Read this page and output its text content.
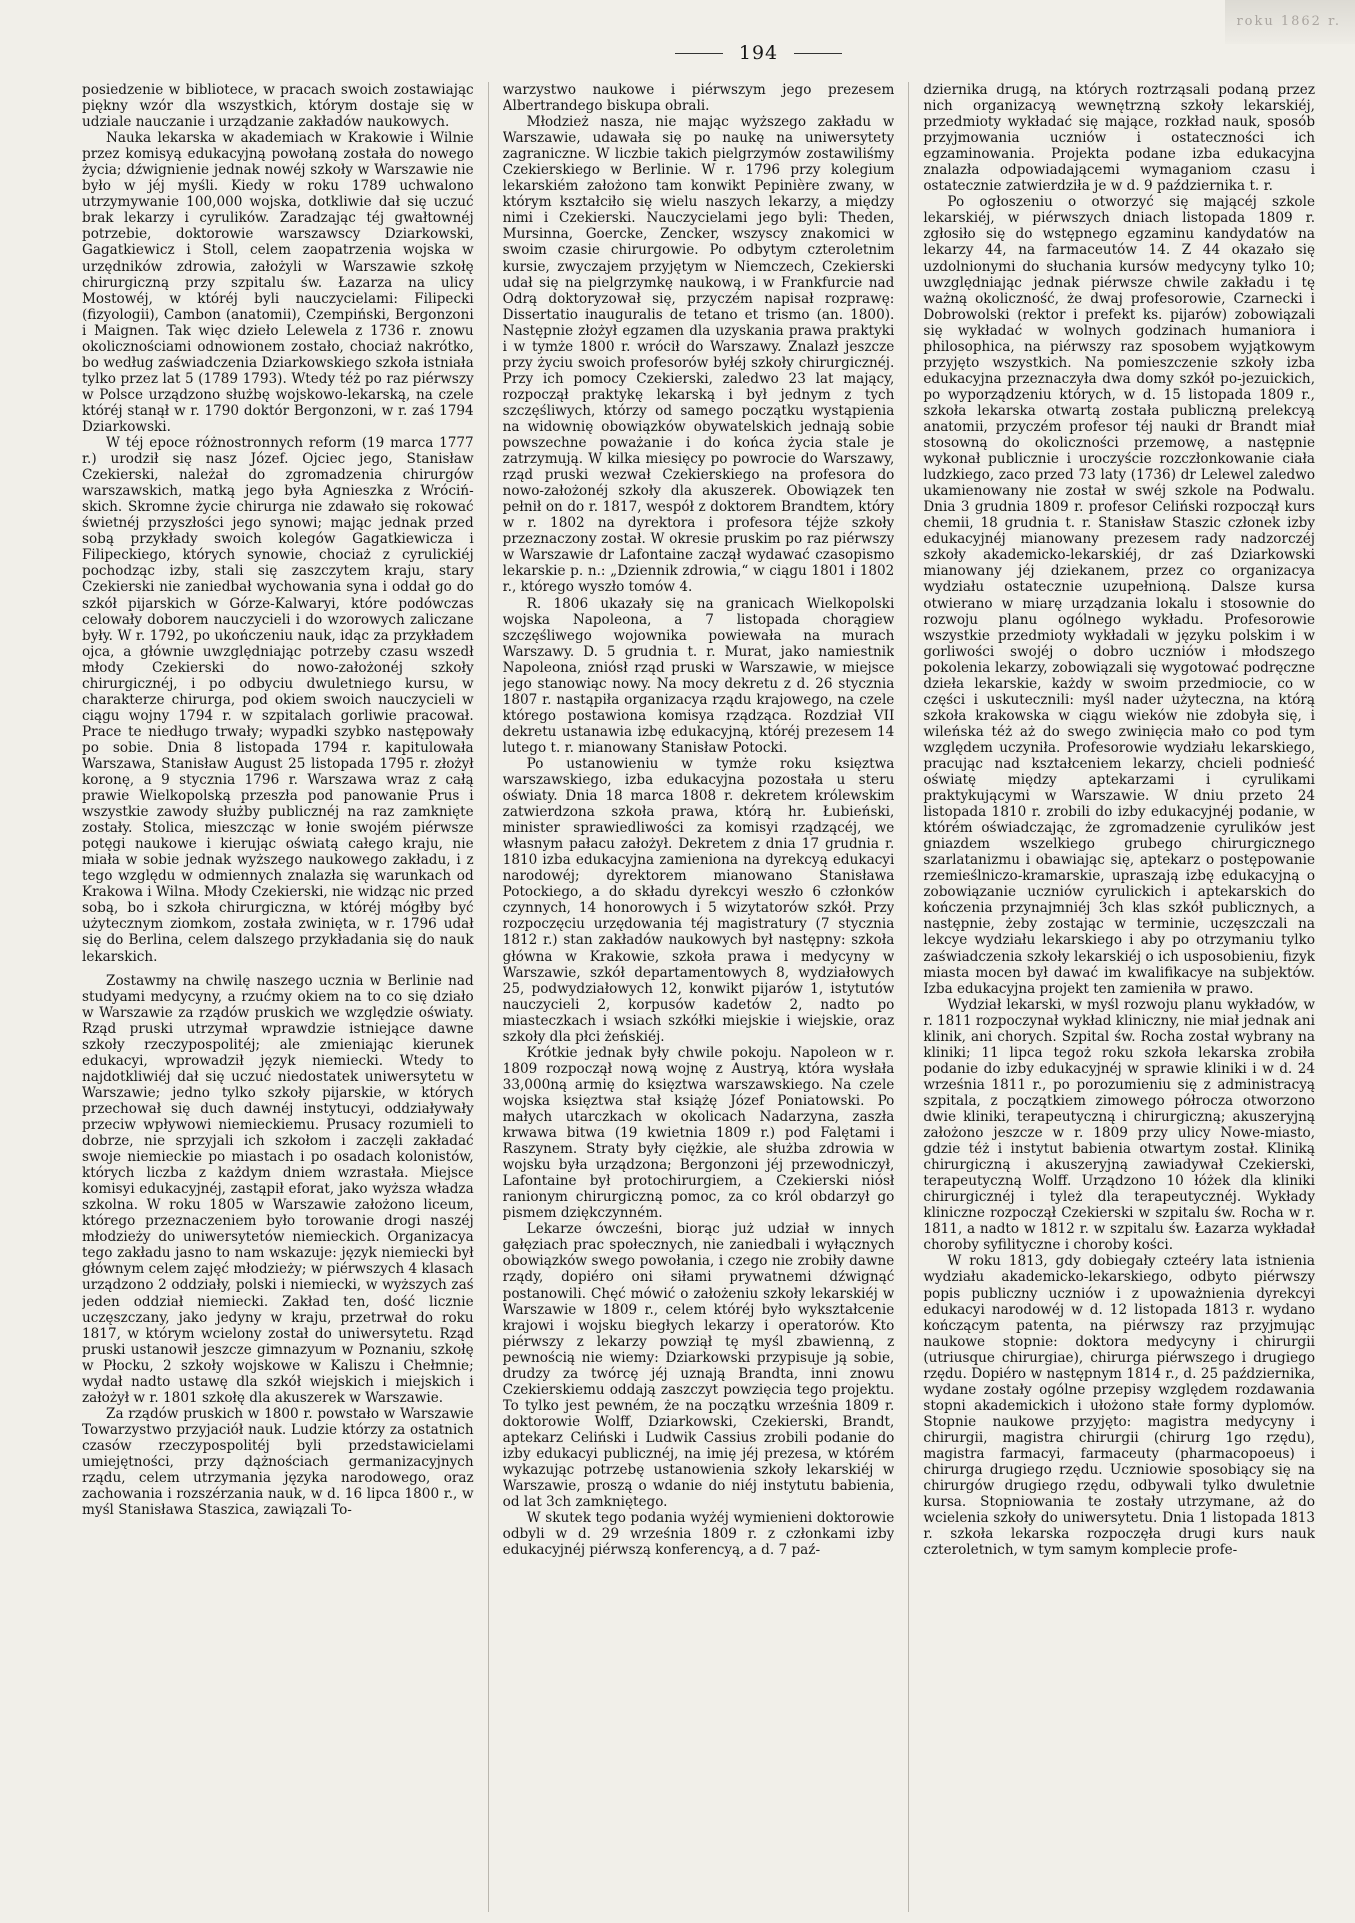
roku 1862 r.
194

posiedzenie w bibliotece, w pracach swoich zostawiając piękny wzór dla wszystkich, którym dostaje się w udziale nauczanie i urządzanie zakładów naukowych.

Nauka lekarska w akademiach w Krakowie i Wilnie przez komisyą edukacyjną powołaną została do nowego życia; dźwignienie jednak nowéj szkoły w Warszawie nie było w jéj myśli. Kiedy w roku 1789 uchwalono utrzymywanie 100,000 wojska, dotkliwie dał się uczuć brak lekarzy i cyrulików. Zaradzając téj gwałtownéj potrzebie, doktorowie warszawscy Dziarkowski, Gagatkiewicz i Stoll, celem zaopatrzenia wojska w urzędników zdrowia, założyli w Warszawie szkołę chirurgiczną przy szpitalu św. Łazarza na ulicy Mostowéj, w któréj byli nauczycielami: Filipecki (fizyologii), Cambon (anatomii), Czempiński, Bergonzoni i Maignen. Tak więc dzieło Lelewela z 1736 r. znowu okolicznościami odnowionem zostało, chociaż nakrótko, bo według zaświadczenia Dziarkowskiego szkoła istniała tylko przez lat 5 (1789 1793). Wtedy téż po raz piérwszy w Polsce urządzono służbę wojskowo-lekarską, na czele któréj stanął w r. 1790 doktór Bergonzoni, w r. zaś 1794 Dziarkowski.

W téj epoce różnostronnych reform (19 marca 1777 r.) urodził się nasz Józef. Ojciec jego, Stanisław Czekierski, należał do zgromadzenia chirurgów warszawskich, matką jego była Agnieszka z Wróciń-skich. Skromne życie chirurga nie zdawało się rokować świetnéj przyszłości jego synowi; mając jednak przed sobą przykłady swoich kolegów Gagatkiewicza i Filipeckiego, których synowie, chociaż z cyrulickiéj pochodząc izby, stali się zaszczytem kraju, stary Czekierski nie zaniedbał wychowania syna i oddał go do szkół pijarskich w Górze-Kalwaryi, które podówczas celowały doborem nauczycieli i do wzorowych zaliczane były. W r. 1792, po ukończeniu nauk, idąc za przykładem ojca, a głównie uwzględniając potrzeby czasu wszedł młody Czekierski do nowo-założonéj szkoły chirurgicznéj, i po odbyciu dwuletniego kursu, w charakterze chirurga, pod okiem swoich nauczycieli w ciągu wojny 1794 r. w szpitalach gorliwie pracował. Prace te niedługo trwały; wypadki szybko następowały po sobie. Dnia 8 listopada 1794 r. kapitulowała Warszawa, Stanisław August 25 listopada 1795 r. złożył koronę, a 9 stycznia 1796 r. Warszawa wraz z całą prawie Wielkopolską przeszła pod panowanie Prus i wszystkie zawody służby publicznéj na raz zamknięte zostały. Stolica, mieszcząc w łonie swojém piérwsze potęgi naukowe i kierując oświatą całego kraju, nie miała w sobie jednak wyższego naukowego zakładu, i z tego względu w odmiennych znalazła się warunkach od Krakowa i Wilna. Młody Czekierski, nie widząc nic przed sobą, bo i szkoła chirurgiczna, w któréj mógłby być użytecznym ziomkom, została zwinięta, w r. 1796 udał się do Berlina, celem dalszego przykładania się do nauk lekarskich.

Zostawmy na chwilę naszego ucznia w Berlinie nad studyami medycyny, a rzućmy okiem na to co się działo w Warszawie za rządów pruskich we względzie oświaty. Rząd pruski utrzymał wprawdzie istniejące dawne szkoły rzeczypospolitéj; ale zmieniając kierunek edukacyi, wprowadził język niemiecki. Wtedy to najdotkliwiéj dał się uczuć niedostatek uniwersytetu w Warszawie; jedno tylko szkoły pijarskie, w których przechował się duch dawnéj instytucyi, oddziaływały przeciw wpływowi niemieckiemu. Prusacy rozumieli to dobrze, nie sprzyjali ich szkołom i zaczęli zakładać swoje niemieckie po miastach i po osadach kolonistów, których liczba z każdym dniem wzrastała. Miejsce komisyi edukacyjnéj, zastąpił eforat, jako wyższa władza szkolna. W roku 1805 w Warszawie założono liceum, którego przeznaczeniem było torowanie drogi naszéj młodzieży do uniwersytetów niemieckich. Organizacya tego zakładu jasno to nam wskazuje: język niemiecki był głównym celem zajęć młodzieży; w piérwszych 4 klasach urządzono 2 oddziały, polski i niemiecki, w wyższych zaś jeden oddział niemiecki. Zakład ten, dość licznie uczęszczany, jako jedyny w kraju, przetrwał do roku 1817, w którym wcielony został do uniwersytetu. Rząd pruski ustanowił jeszcze gimnazyum w Poznaniu, szkołę w Płocku, 2 szkoły wojskowe w Kaliszu i Chełmnie; wydał nadto ustawę dla szkół wiejskich i miejskich i założył w r. 1801 szkołę dla akuszerek w Warszawie.

Za rządów pruskich w 1800 r. powstało w Warszawie Towarzystwo przyjaciół nauk. Ludzie którzy za ostatnich czasów rzeczypospolitéj byli przedstawicielami umiejętności, przy dążnościach germanizacyjnych rządu, celem utrzymania języka narodowego, oraz zachowania i rozszérzania nauk, w d. 16 lipca 1800 r., w myśl Stanisława Staszica, zawiązali To-

warzystwo naukowe i piérwszym jego prezesem Albertrandego biskupa obrali.

Młodzież nasza, nie mając wyższego zakładu w Warszawie, udawała się po naukę na uniwersytety zagraniczne. W liczbie takich pielgrzymów zostawiliśmy Czekierskiego w Berlinie. W r. 1796 przy kolegium lekarskiém założono tam konwikt Pepinière zwany, w którym kształciło się wielu naszych lekarzy, a między nimi i Czekierski. Nauczycielami jego byli: Theden, Mursinna, Goercke, Zencker, wszyscy znakomici w swoim czasie chirurgowie. Po odbytym czteroletnim kursie, zwyczajem przyjętym w Niemczech, Czekierski udał się na pielgrzymkę naukową, i w Frankfurcie nad Odrą doktoryzował się, przyczém napisał rozprawę: Dissertatio inauguralis de tetano et trismo (an. 1800). Następnie złożył egzamen dla uzyskania prawa praktyki i w tymże 1800 r. wrócił do Warszawy. Znalazł jeszcze przy życiu swoich profesorów byłéj szkoły chirurgicznéj. Przy ich pomocy Czekierski, zaledwo 23 lat mający, rozpoczął praktykę lekarską i był jednym z tych szczęśliwych, którzy od samego początku wystąpienia na widownię obowiązków obywatelskich jednają sobie powszechne poważanie i do końca życia stale je zatrzymują. W kilka miesięcy po powrocie do Warszawy, rząd pruski wezwał Czekierskiego na profesora do nowo-założonéj szkoły dla akuszerek. Obowiązek ten pełnił on do r. 1817, wespół z doktorem Brandtem, który w r. 1802 na dyrektora i profesora téjże szkoły przeznaczony został. W okresie pruskim po raz piérwszy w Warszawie dr Lafontaine zaczął wydawać czasopismo lekarskie p. n.: „Dziennik zdrowia,“ w ciągu 1801 i 1802 r., którego wyszło tomów 4.

R. 1806 ukazały się na granicach Wielkopolski wojska Napoleona, a 7 listopada chorągiew szczęśliwego wojownika powiewała na murach Warszawy. D. 5 grudnia t. r. Murat, jako namiestnik Napoleona, zniósł rząd pruski w Warszawie, w miejsce jego stanowiąc nowy. Na mocy dekretu z d. 26 stycznia 1807 r. nastąpiła organizacya rządu krajowego, na czele którego postawiona komisya rządząca. Rozdział VII dekretu ustanawia izbę edukacyjną, któréj prezesem 14 lutego t. r. mianowany Stanisław Potocki.

Po ustanowieniu w tymże roku księztwa warszawskiego, izba edukacyjna pozostała u steru oświaty. Dnia 18 marca 1808 r. dekretem królewskim zatwierdzona szkoła prawa, którą hr. Łubieński, minister sprawiedliwości za komisyi rządzącéj, we własnym pałacu założył. Dekretem z dnia 17 grudnia r. 1810 izba edukacyjna zamieniona na dyrekcyą edukacyi narodowéj; dyrektorem mianowano Stanisława Potockiego, a do składu dyrekcyi weszło 6 członków czynnych, 14 honorowych i 5 wizytatorów szkół. Przy rozpoczęciu urzędowania téj magistratury (7 stycznia 1812 r.) stan zakładów naukowych był następny: szkoła główna w Krakowie, szkoła prawa i medycyny w Warszawie, szkół departamentowych 8, wydziałowych 25, podwydziałowych 12, konwikt pijarów 1, istytutów nauczycieli 2, korpusów kadetów 2, nadto po miasteczkach i wsiach szkółki miejskie i wiejskie, oraz szkoły dla płci żeńskiéj.

Krótkie jednak były chwile pokoju. Napoleon w r. 1809 rozpoczął nową wojnę z Austryą, która wysłała 33,000ną armię do księztwa warszawskiego. Na czele wojska księztwa stał książę Józef Poniatowski. Po małych utarczkach w okolicach Nadarzyna, zaszła krwawa bitwa (19 kwietnia 1809 r.) pod Falętami i Raszynem. Straty były ciężkie, ale służba zdrowia w wojsku była urządzona; Bergonzoni jéj przewodniczył, Lafontaine był protochirurgiem, a Czekierski niósł ranionym chirurgiczną pomoc, za co król obdarzył go pismem dziękczynném.

Lekarze ówcześni, biorąc już udział w innych gałęziach prac społecznych, nie zaniedbali i wyłącznych obowiązków swego powołania, i czego nie zrobiły dawne rządy, dopiéro oni siłami prywatnemi dźwignąć postanowili. Chęć mówić o założeniu szkoły lekarskiéj w Warszawie w 1809 r., celem któréj było wykształcenie krajowi i wojsku biegłych lekarzy i operatorów. Kto piérwszy z lekarzy powziął tę myśl zbawienną, z pewnością nie wiemy: Dziarkowski przypisuje ją sobie, drudzy za twórcę jéj uznają Brandta, inni znowu Czekierskiemu oddają zaszczyt powzięcia tego projektu. To tylko jest pewném, że na początku września 1809 r. doktorowie Wolff, Dziarkowski, Czekierski, Brandt, aptekarz Celiński i Ludwik Cassius zrobili podanie do izby edukacyi publicznéj, na imię jéj prezesa, w którém wykazując potrzebę ustanowienia szkoły lekarskiéj w Warszawie, proszą o wdanie do niéj instytutu babienia, od lat 3ch zamkniętego.

W skutek tego podania wyżéj wymienieni doktorowie odbyli w d. 29 września 1809 r. z członkami izby edukacyjnéj piérwszą konferencyą, a d. 7 paź-

dziernika drugą, na których roztrząsali podaną przez nich organizacyą wewnętrzną szkoły lekarskiéj, przedmioty wykładać się mające, rozkład nauk, sposób przyjmowania uczniów i ostateczności ich egzaminowania. Projekta podane izba edukacyjna znalazła odpowiadającemi wymaganiom czasu i ostatecznie zatwierdziła je w d. 9 października t. r.

Po ogłoszeniu o otworzyć się mającéj szkole lekarskiéj, w piérwszych dniach listopada 1809 r. zgłosiło się do wstępnego egzaminu kandydatów na lekarzy 44, na farmaceutów 14. Z 44 okazało się uzdolnionymi do słuchania kursów medycyny tylko 10; uwzględniając jednak piérwsze chwile zakładu i tę ważną okoliczność, że dwaj profesorowie, Czarnecki i Dobrowolski (rektor i prefekt ks. pijarów) zobowiązali się wykładać w wolnych godzinach humaniora i philosophica, na piérwszy raz sposobem wyjątkowym przyjęto wszystkich. Na pomieszczenie szkoły izba edukacyjna przeznaczyła dwa domy szkół po-jezuickich, po wyporządzeniu których, w d. 15 listopada 1809 r., szkoła lekarska otwartą została publiczną prelekcyą anatomii, przyczém profesor téj nauki dr Brandt miał stosowną do okoliczności przemowę, a następnie wykonał publicznie i uroczyście rozczłonkowanie ciała ludzkiego, zaco przed 73 laty (1736) dr Lelewel zaledwo ukamienowany nie został w swéj szkole na Podwalu. Dnia 3 grudnia 1809 r. profesor Celiński rozpoczął kurs chemii, 18 grudnia t. r. Stanisław Staszic członek izby edukacyjnéj mianowany prezesem rady nadzorczéj szkoły akademicko-lekarskiéj, dr zaś Dziarkowski mianowany jéj dziekanem, przez co organizacya wydziału ostatecznie uzupełnioną. Dalsze kursa otwierano w miarę urządzania lokalu i stosownie do rozwoju planu ogólnego wykładu. Profesorowie wszystkie przedmioty wykładali w języku polskim i w gorliwości swojéj o dobro uczniów i młodszego pokolenia lekarzy, zobowiązali się wygotować podręczne dzieła lekarskie, każdy w swoim przedmiocie, co w części i uskutecznili: myśl nader użyteczna, na którą szkoła krakowska w ciągu wieków nie zdobyła się, i wileńska téż aż do swego zwinięcia mało co pod tym względem uczyniła. Profesorowie wydziału lekarskiego, pracując nad kształceniem lekarzy, chcieli podnieść oświatę między aptekarzami i cyrulikami praktykującymi w Warszawie. W dniu przeto 24 listopada 1810 r. zrobili do izby edukacyjnéj podanie, w którém oświadczając, że zgromadzenie cyrulików jest gniazdem wszelkiego grubego chirurgicznego szarlatanizmu i obawiając się, aptekarz o postępowanie rzemieślniczo-kramarskie, upraszają izbę edukacyjną o zobowiązanie uczniów cyrulickich i aptekarskich do kończenia przynajmniéj 3ch klas szkół publicznych, a następnie, żeby zostając w terminie, uczęszczali na lekcye wydziału lekarskiego i aby po otrzymaniu tylko zaświadczenia szkoły lekarskiéj o ich usposobieniu, fizyk miasta mocen był dawać im kwalifikacye na subjektów. Izba edukacyjna projekt ten zamieniła w prawo.

Wydział lekarski, w myśl rozwoju planu wykładów, w r. 1811 rozpoczynał wykład kliniczny, nie miał jednak ani klinik, ani chorych. Szpital św. Rocha został wybrany na kliniki; 11 lipca tegoż roku szkoła lekarska zrobiła podanie do izby edukacyjnéj w sprawie kliniki i w d. 24 września 1811 r., po porozumieniu się z administracyą szpitala, z początkiem zimowego półrocza otworzono dwie kliniki, terapeutyczną i chirurgiczną; akuszeryjną założono jeszcze w r. 1809 przy ulicy Nowe-miasto, gdzie téż i instytut babienia otwartym został. Kliniką chirurgiczną i akuszeryjną zawiadywał Czekierski, terapeutyczną Wolff. Urządzono 10 łóżek dla kliniki chirurgicznéj i tyleż dla terapeutycznéj. Wykłady kliniczne rozpoczął Czekierski w szpitalu św. Rocha w r. 1811, a nadto w 1812 r. w szpitalu św. Łazarza wykładał choroby syfilityczne i choroby kości.

W roku 1813, gdy dobiegały czteéry lata istnienia wydziału akademicko-lekarskiego, odbyto piérwszy popis publiczny uczniów i z upoważnienia dyrekcyi edukacyi narodowéj w d. 12 listopada 1813 r. wydano kończącym patenta, na piérwszy raz przyjmując naukowe stopnie: doktora medycyny i chirurgii (utriusque chirurgiae), chirurga piérwszego i drugiego rzędu. Dopiéro w następnym 1814 r., d. 25 października, wydane zostały ogólne przepisy względem rozdawania stopni akademickich i ułożono stałe formy dyplomów. Stopnie naukowe przyjęto: magistra medycyny i chirurgii, magistra chirurgii (chirurg 1go rzędu), magistra farmacyi, farmaceuty (pharmacopoeus) i chirurga drugiego rzędu. Uczniowie sposobiący się na chirurgów drugiego rzędu, odbywali tylko dwuletnie kursa. Stopniowania te zostały utrzymane, aż do wcielenia szkoły do uniwersytetu. Dnia 1 listopada 1813 r. szkoła lekarska rozpoczęła drugi kurs nauk czteroletnich, w tym samym komplecie profe-
